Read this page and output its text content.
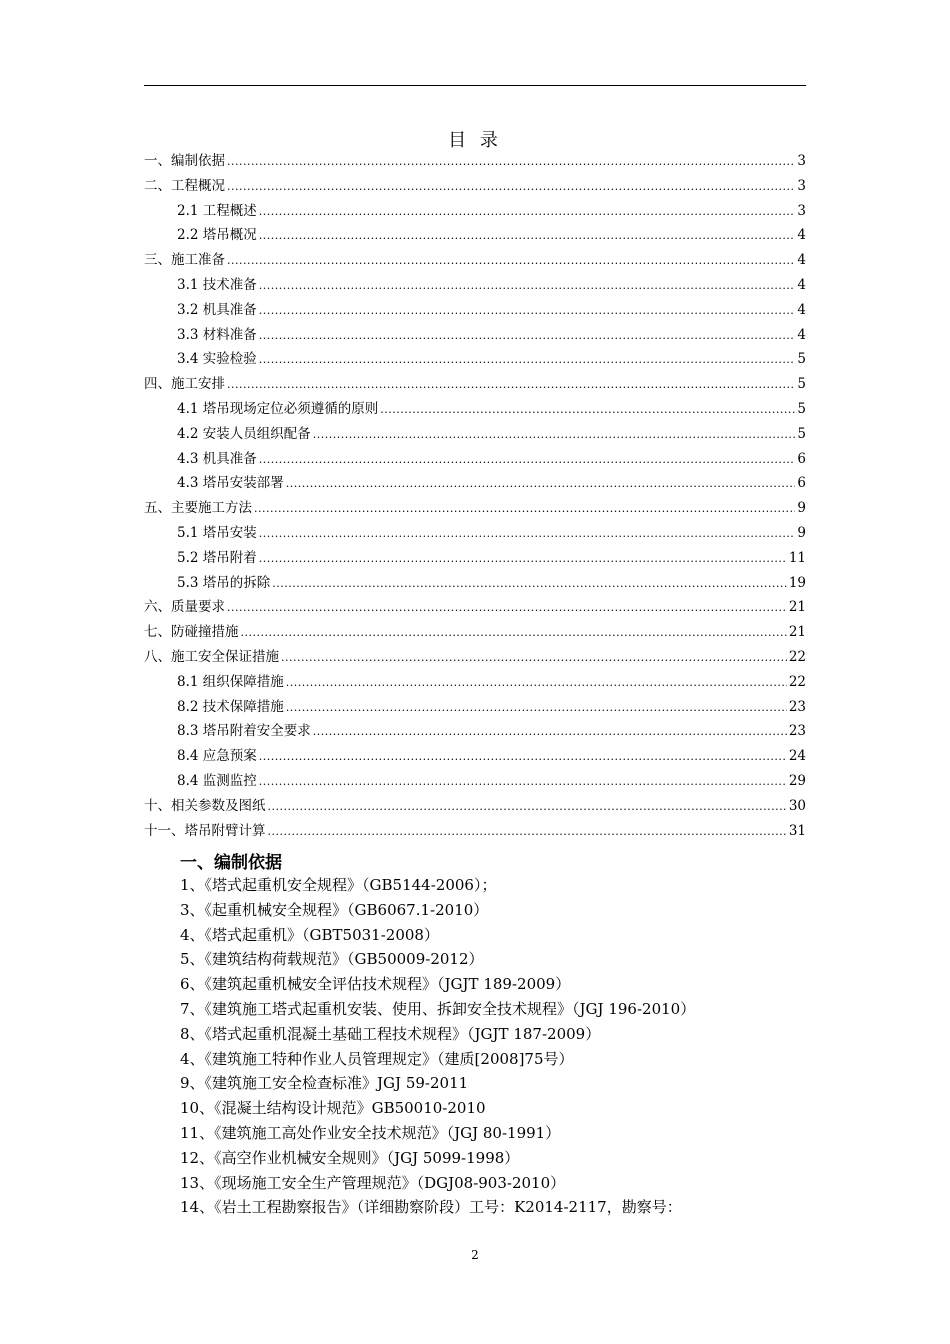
目 录
一、编制依据 .....	3
二、工程概况 .....	3
2.1 工程概述 .....	3
2.2 塔吊概况 .....	4
三、施工准备 .....	4
3.1 技术准备 .....	4
3.2 机具准备 .....	4
3.3 材料准备 .....	4
3.4 实验检验 .....	5
四、施工安排 .....	5
4.1 塔吊现场定位必须遵循的原则 .....	5
4.2 安装人员组织配备 .....	5
4.3 机具准备 .....	6
4.3 塔吊安装部署 .....	6
五、主要施工方法 .....	9
5.1 塔吊安装 .....	9
5.2 塔吊附着 .....	11
5.3 塔吊的拆除 .....	19
六、质量要求 .....	21
七、防碰撞措施 .....	21
八、施工安全保证措施 .....	22
8.1 组织保障措施 .....	22
8.2 技术保障措施 .....	23
8.3 塔吊附着安全要求 .....	23
8.4 应急预案 .....	24
8.4 监测监控 .....	29
十、相关参数及图纸 .....	30
十一、塔吊附臂计算 .....	31
一、编制依据
1、《塔式起重机安全规程》（GB5144-2006）；
3、《起重机械安全规程》（GB6067.1-2010）
4、《塔式起重机》（GBT5031-2008）
5、《建筑结构荷载规范》（GB50009-2012）
6、《建筑起重机械安全评估技术规程》（JGJT 189-2009）
7、《建筑施工塔式起重机安装、使用、拆卸安全技术规程》（JGJ 196-2010）
8、《塔式起重机混凝土基础工程技术规程》（JGJT 187-2009）
4、《建筑施工特种作业人员管理规定》（建质[2008]75号）
9、《建筑施工安全检查标准》JGJ 59-2011
10、《混凝土结构设计规范》GB50010-2010
11、《建筑施工高处作业安全技术规范》（JGJ 80-1991）
12、《高空作业机械安全规则》（JGJ 5099-1998）
13、《现场施工安全生产管理规范》（DGJ08-903-2010）
14、《岩土工程勘察报告》（详细勘察阶段）工号：K2014-2117，勘察号：
2
